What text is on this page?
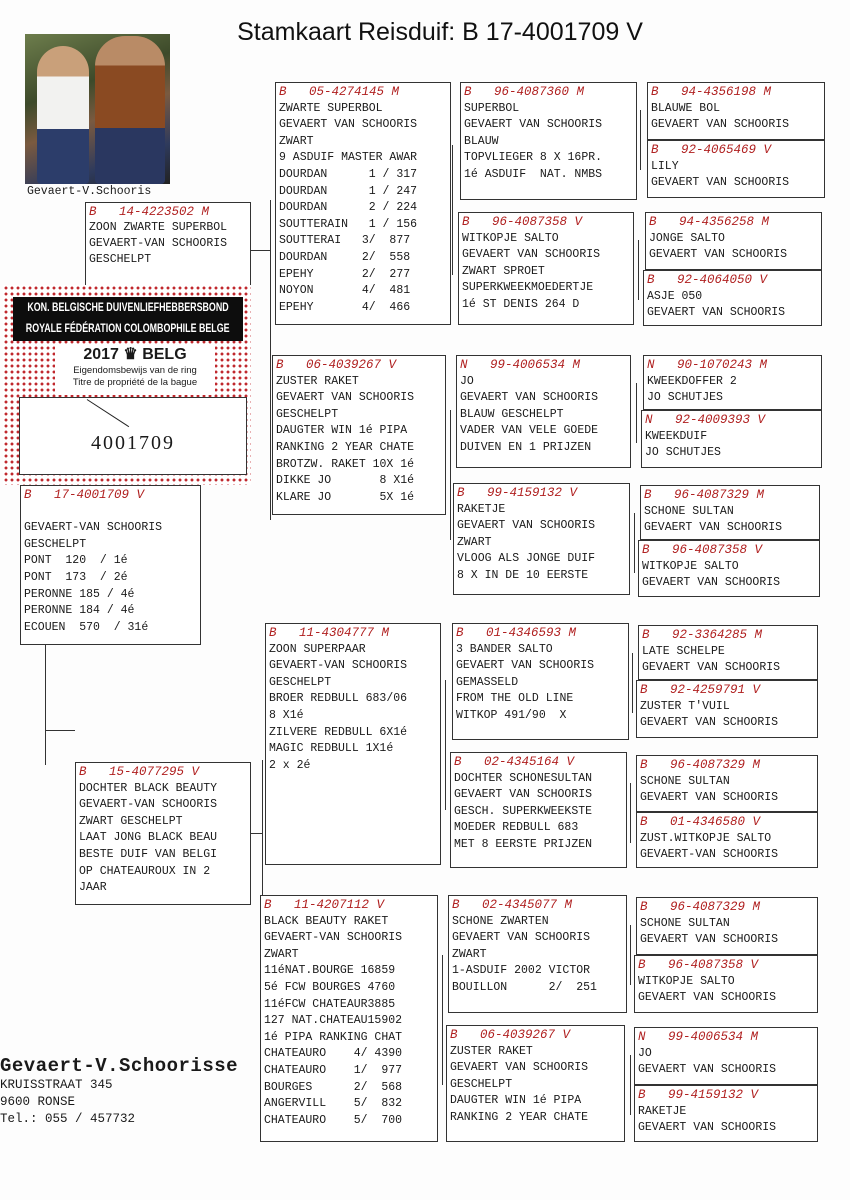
Stamkaart Reisduif: B 17-4001709 V
Gevaert-V.Schooris
B   14-4223502 M
ZOON ZWARTE SUPERBOL
GEVAERT-VAN SCHOORIS
GESCHELPT
B   17-4001709 V

GEVAERT-VAN SCHOORIS
GESCHELPT
PONT  120  / 1é
PONT  173  / 2é
PERONNE 185 / 4é
PERONNE 184 / 4é
ECOUEN  570  / 31é
B   15-4077295 V
DOCHTER BLACK BEAUTY
GEVAERT-VAN SCHOORIS
ZWART GESCHELPT
LAAT JONG BLACK BEAU
BESTE DUIF VAN BELGI
OP CHATEAUROUX IN 2
JAAR
B   05-4274145 M
ZWARTE SUPERBOL
GEVAERT VAN SCHOORIS
ZWART
9 ASDUIF MASTER AWAR
DOURDAN      1 / 317
DOURDAN      1 / 247
DOURDAN      2 / 224
SOUTTERAIN   1 / 156
SOUTTERAI   3/  877
DOURDAN     2/  558
EPEHY       2/  277
NOYON       4/  481
EPEHY       4/  466
B   06-4039267 V
ZUSTER RAKET
GEVAERT VAN SCHOORIS
GESCHELPT
DAUGTER WIN 1é PIPA
RANKING 2 YEAR CHATE
BROTZW. RAKET 10X 1é
DIKKE JO       8 X1é
KLARE JO       5X 1é
B   11-4304777 M
ZOON SUPERPAAR
GEVAERT-VAN SCHOORIS
GESCHELPT
BROER REDBULL 683/06
8 X1é
ZILVERE REDBULL 6X1é
MAGIC REDBULL 1X1é
2 x 2é
B   11-4207112 V
BLACK BEAUTY RAKET
GEVAERT-VAN SCHOORIS
ZWART
11éNAT.BOURGE 16859
5é FCW BOURGES 4760
11éFCW CHATEAUR3885
127 NAT.CHATEAU15902
1é PIPA RANKING CHAT
CHATEAURO    4/ 4390
CHATEAURO    1/  977
BOURGES      2/  568
ANGERVILL    5/  832
CHATEAURO    5/  700
B   96-4087360 M
SUPERBOL
GEVAERT VAN SCHOORIS
BLAUW
TOPVLIEGER 8 X 16PR.
1é ASDUIF  NAT. NMBS
B   96-4087358 V
WITKOPJE SALTO
GEVAERT VAN SCHOORIS
ZWART SPROET
SUPERKWEEKMOEDERTJE
1é ST DENIS 264 D
N   99-4006534 M
JO
GEVAERT VAN SCHOORIS
BLAUW GESCHELPT
VADER VAN VELE GOEDE
DUIVEN EN 1 PRIJZEN
B   99-4159132 V
RAKETJE
GEVAERT VAN SCHOORIS
ZWART
VLOOG ALS JONGE DUIF
8 X IN DE 10 EERSTE
B   01-4346593 M
3 BANDER SALTO
GEVAERT VAN SCHOORIS
GEMASSELD
FROM THE OLD LINE
WITKOP 491/90  X
B   02-4345164 V
DOCHTER SCHONESULTAN
GEVAERT VAN SCHOORIS
GESCH. SUPERKWEEKSTE
MOEDER REDBULL 683
MET 8 EERSTE PRIJZEN
B   02-4345077 M
SCHONE ZWARTEN
GEVAERT VAN SCHOORIS
ZWART
1-ASDUIF 2002 VICTOR
BOUILLON      2/  251
B   06-4039267 V
ZUSTER RAKET
GEVAERT VAN SCHOORIS
GESCHELPT
DAUGTER WIN 1é PIPA
RANKING 2 YEAR CHATE
B   94-4356198 M
BLAUWE BOL
GEVAERT VAN SCHOORIS
B   92-4065469 V
LILY
GEVAERT VAN SCHOORIS
B   94-4356258 M
JONGE SALTO
GEVAERT VAN SCHOORIS
B   92-4064050 V
ASJE 050
GEVAERT VAN SCHOORIS
N   90-1070243 M
KWEEKDOFFER 2
JO SCHUTJES
N   92-4009393 V
KWEEKDUIF
JO SCHUTJES
B   96-4087329 M
SCHONE SULTAN
GEVAERT VAN SCHOORIS
B   96-4087358 V
WITKOPJE SALTO
GEVAERT VAN SCHOORIS
B   92-3364285 M
LATE SCHELPE
GEVAERT VAN SCHOORIS
B   92-4259791 V
ZUSTER T'VUIL
GEVAERT VAN SCHOORIS
B   96-4087329 M
SCHONE SULTAN
GEVAERT VAN SCHOORIS
B   01-4346580 V
ZUST.WITKOPJE SALTO
GEVAERT-VAN SCHOORIS
B   96-4087329 M
SCHONE SULTAN
GEVAERT VAN SCHOORIS
B   96-4087358 V
WITKOPJE SALTO
GEVAERT VAN SCHOORIS
N   99-4006534 M
JO
GEVAERT VAN SCHOORIS
B   99-4159132 V
RAKETJE
GEVAERT VAN SCHOORIS
KON. BELGISCHE DUIVENLIEFHEBBERSBOND
ROYALE FÉDÉRATION COLOMBOPHILE BELGE
2017 ♛ BELG
Eigendomsbewijs van de ring
Titre de propriété de la bague
4001709
Gevaert-V.Schoorisse
KRUISSTRAAT 345
9600 RONSE
Tel.: 055 / 457732
